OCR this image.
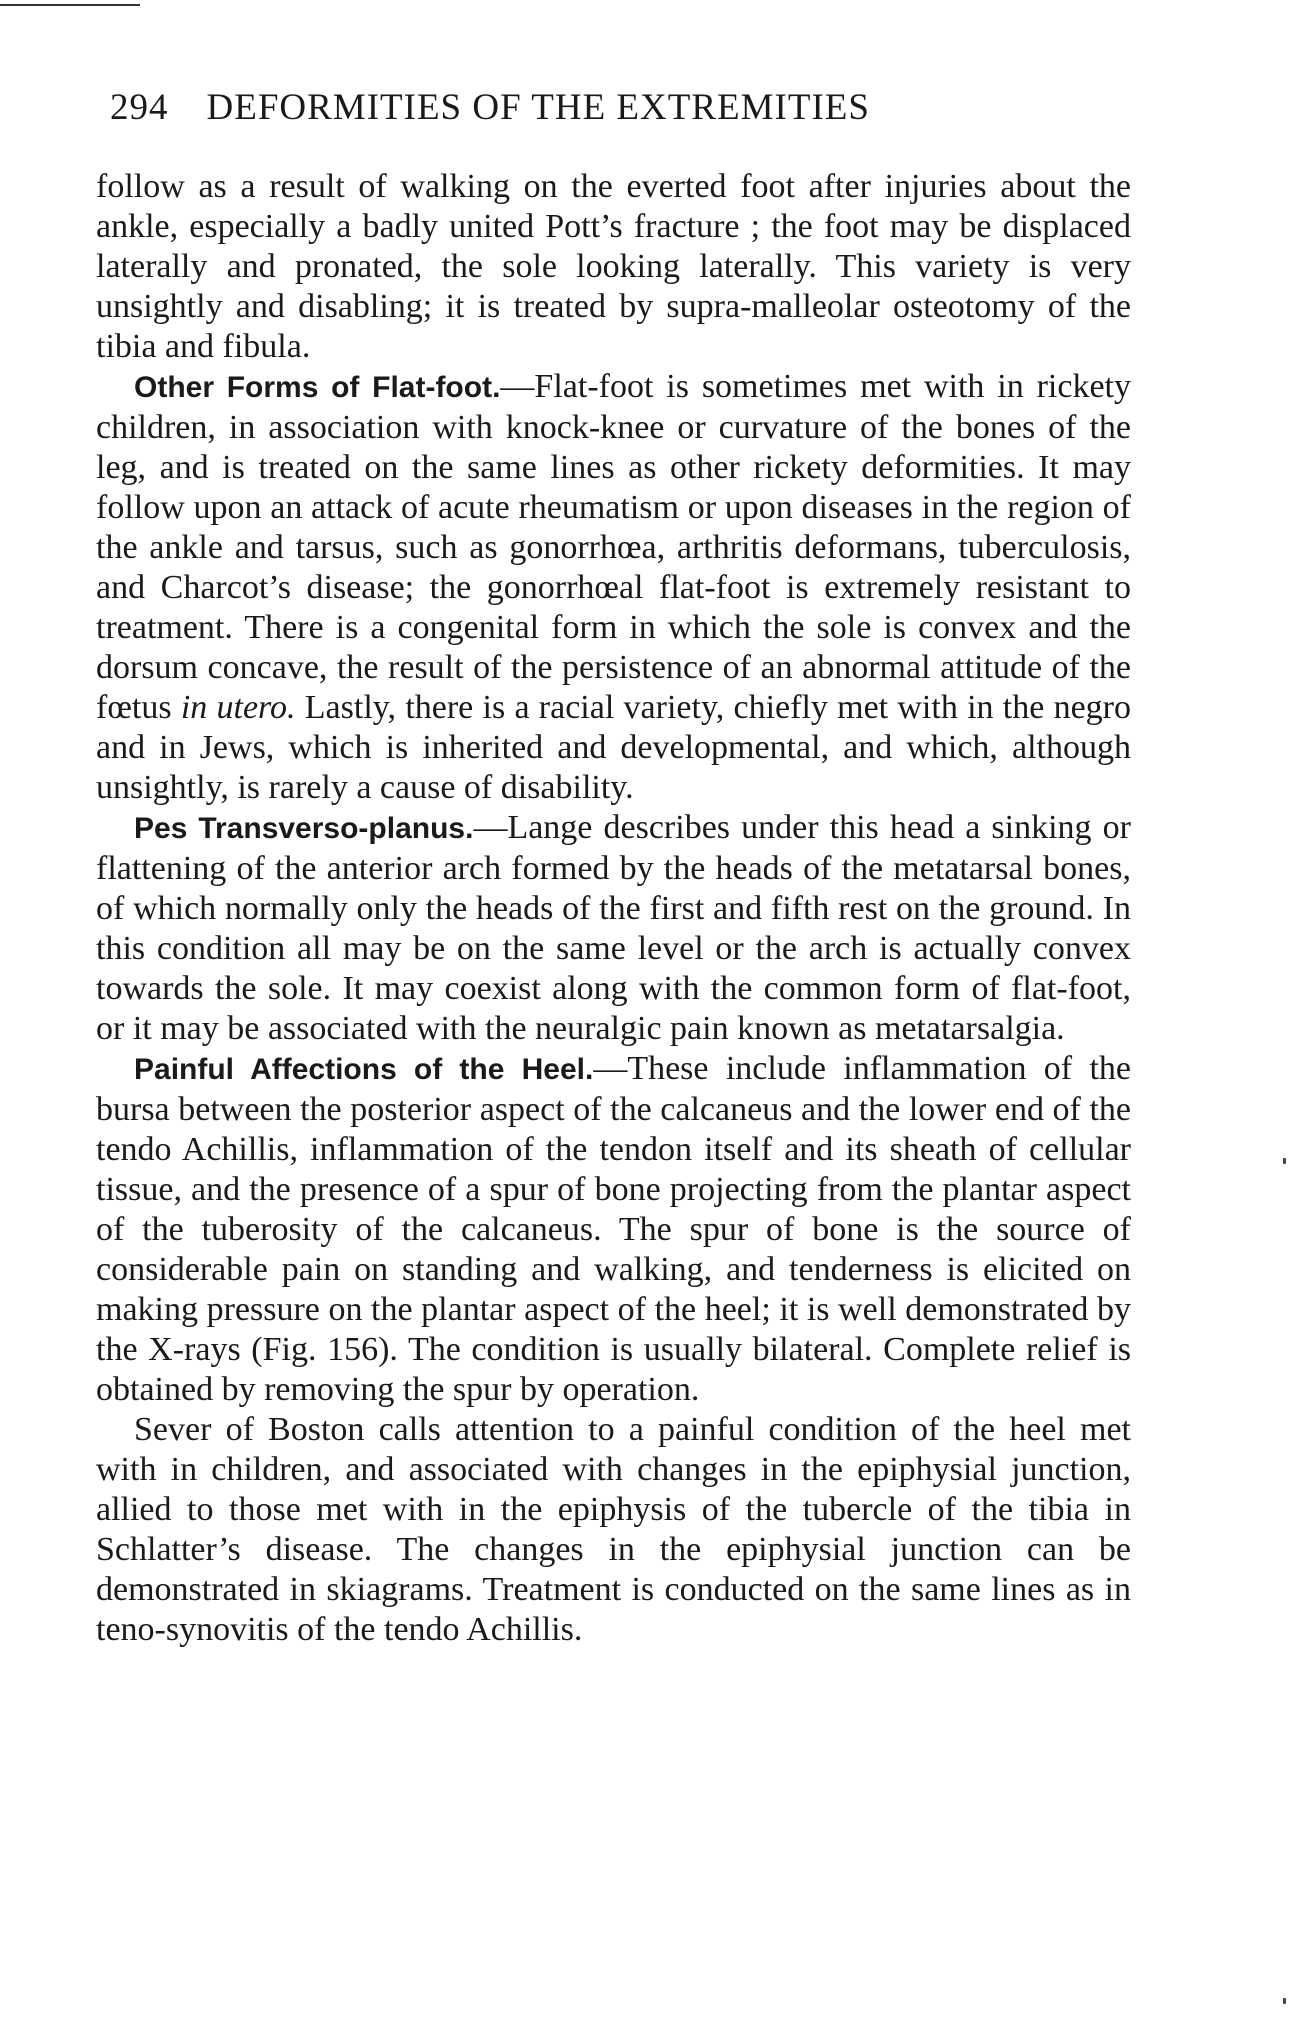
294 DEFORMITIES OF THE EXTREMITIES

follow as a result of walking on the everted foot after injuries about the ankle, especially a badly united Pott’s fracture ; the foot may be displaced laterally and pronated, the sole looking laterally. This variety is very unsightly and disabling; it is treated by supra-malleolar osteotomy of the tibia and fibula.

Other Forms of Flat-foot.—Flat-foot is sometimes met with in rickety children, in association with knock-knee or curvature of the bones of the leg, and is treated on the same lines as other rickety deformities. It may follow upon an attack of acute rheumatism or upon diseases in the region of the ankle and tarsus, such as gonorrhœa, arthritis deformans, tuberculosis, and Charcot’s disease; the gonorrhœal flat-foot is extremely resistant to treatment. There is a congenital form in which the sole is convex and the dorsum concave, the result of the persistence of an abnormal attitude of the fœtus in utero. Lastly, there is a racial variety, chiefly met with in the negro and in Jews, which is inherited and developmental, and which, although unsightly, is rarely a cause of disability.

Pes Transverso-planus.—Lange describes under this head a sinking or flattening of the anterior arch formed by the heads of the metatarsal bones, of which normally only the heads of the first and fifth rest on the ground. In this condition all may be on the same level or the arch is actually convex towards the sole. It may coexist along with the common form of flat-foot, or it may be associated with the neuralgic pain known as metatarsalgia.

Painful Affections of the Heel.—These include inflammation of the bursa between the posterior aspect of the calcaneus and the lower end of the tendo Achillis, inflammation of the tendon itself and its sheath of cellular tissue, and the presence of a spur of bone projecting from the plantar aspect of the tuberosity of the calcaneus. The spur of bone is the source of considerable pain on standing and walking, and tenderness is elicited on making pressure on the plantar aspect of the heel; it is well demonstrated by the X-rays (Fig. 156). The condition is usually bilateral. Complete relief is obtained by removing the spur by operation.

Sever of Boston calls attention to a painful condition of the heel met with in children, and associated with changes in the epiphysial junction, allied to those met with in the epiphysis of the tubercle of the tibia in Schlatter’s disease. The changes in the epiphysial junction can be demonstrated in skiagrams. Treatment is conducted on the same lines as in teno-synovitis of the tendo Achillis.
